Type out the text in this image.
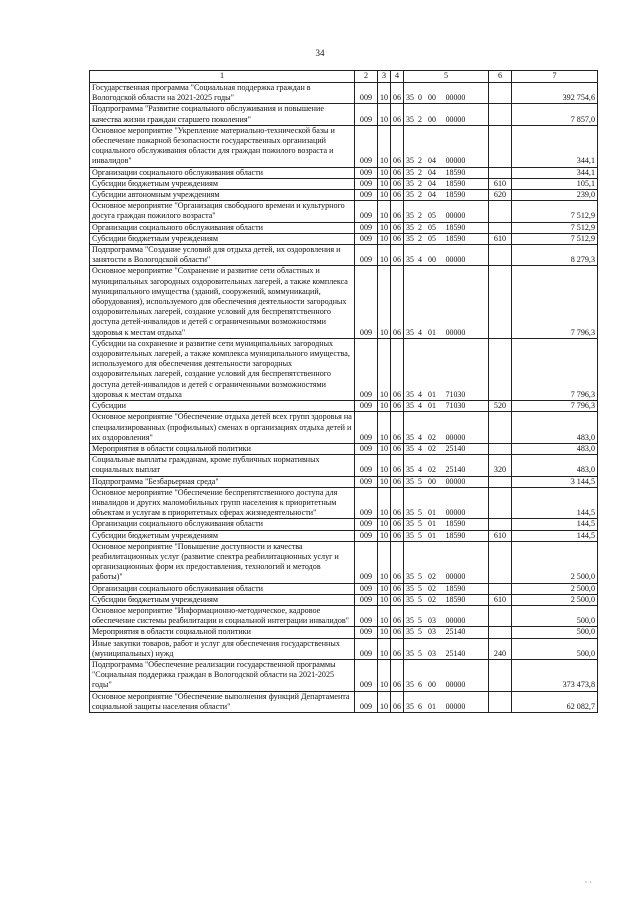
34
1	2	3	4	5	6	7
Государственная программа "Социальная поддержка граждан в Вологодской области на 2021-2025 годы"	009	10	06	35 0 00 00000		392 754,6
Подпрограмма "Развитие социального обслуживания и повышение качества жизни граждан старшего поколения"	009	10	06	35 2 00 00000		7 857,0
Основное мероприятие "Укрепление материально-технической базы и обеспечение пожарной безопасности государственных организаций социального обслуживания области для граждан пожилого возраста и инвалидов"	009	10	06	35 2 04 00000		344,1
Организации социального обслуживания области	009	10	06	35 2 04 18590		344,1
Субсидии бюджетным учреждениям	009	10	06	35 2 04 18590	610	105,1
Субсидии автономным учреждениям	009	10	06	35 2 04 18590	620	239,0
Основное мероприятие "Организация свободного времени и культурного досуга граждан пожилого возраста"	009	10	06	35 2 05 00000		7 512,9
Организации социального обслуживания области	009	10	06	35 2 05 18590		7 512,9
Субсидии бюджетным учреждениям	009	10	06	35 2 05 18590	610	7 512,9
Подпрограмма "Создание условий для отдыха детей, их оздоровления и занятости в Вологодской области"	009	10	06	35 4 00 00000		8 279,3
Основное мероприятие "Сохранение и развитие сети областных и муниципальных загородных оздоровительных лагерей, а также комплекса муниципального имущества (зданий, сооружений, коммуникаций, оборудования), используемого для обеспечения деятельности загородных оздоровительных лагерей, создание условий для беспрепятственного доступа детей-инвалидов и детей с ограниченными возможностями здоровья к местам отдыха"	009	10	06	35 4 01 00000		7 796,3
Субсидии на сохранение и развитие сети муниципальных загородных оздоровительных лагерей, а также комплекса муниципального имущества, используемого для обеспечения деятельности загородных оздоровительных лагерей, создание условий для беспрепятственного доступа детей-инвалидов и детей с ограниченными возможностями здоровья к местам отдыха	009	10	06	35 4 01 71030		7 796,3
Субсидии	009	10	06	35 4 01 71030	520	7 796,3
Основное мероприятие "Обеспечение отдыха детей всех групп здоровья на специализированных (профильных) сменах в организациях отдыха детей и их оздоровления"	009	10	06	35 4 02 00000		483,0
Мероприятия в области социальной политики	009	10	06	35 4 02 25140		483,0
Социальные выплаты гражданам, кроме публичных нормативных социальных выплат	009	10	06	35 4 02 25140	320	483,0
Подпрограмма "Безбарьерная среда"	009	10	06	35 5 00 00000		3 144,5
Основное мероприятие "Обеспечение беспрепятственного доступа для инвалидов и других маломобильных групп населения к приоритетным объектам и услугам в приоритетных сферах жизнедеятельности"	009	10	06	35 5 01 00000		144,5
Организации социального обслуживания области	009	10	06	35 5 01 18590		144,5
Субсидии бюджетным учреждениям	009	10	06	35 5 01 18590	610	144,5
Основное мероприятие "Повышение доступности и качества реабилитационных услуг (развитие спектра реабилитационных услуг и организационных форм их предоставления, технологий и методов работы)"	009	10	06	35 5 02 00000		2 500,0
Организации социального обслуживания области	009	10	06	35 5 02 18590		2 500,0
Субсидии бюджетным учреждениям	009	10	06	35 5 02 18590	610	2 500,0
Основное мероприятие "Информационно-методическое, кадровое обеспечение системы реабилитации и социальной интеграции инвалидов"	009	10	06	35 5 03 00000		500,0
Мероприятия в области социальной политики	009	10	06	35 5 03 25140		500,0
Иные закупки товаров, работ и услуг для обеспечения государственных (муниципальных) нужд	009	10	06	35 5 03 25140	240	500,0
Подпрограмма "Обеспечение реализации государственной программы "Социальная поддержка граждан в Вологодской области на 2021-2025 годы"	009	10	06	35 6 00 00000		373 473,8
Основное мероприятие "Обеспечение выполнения функций Департамента социальной защиты населения области"	009	10	06	35 6 01 00000		62 082,7
· ·
